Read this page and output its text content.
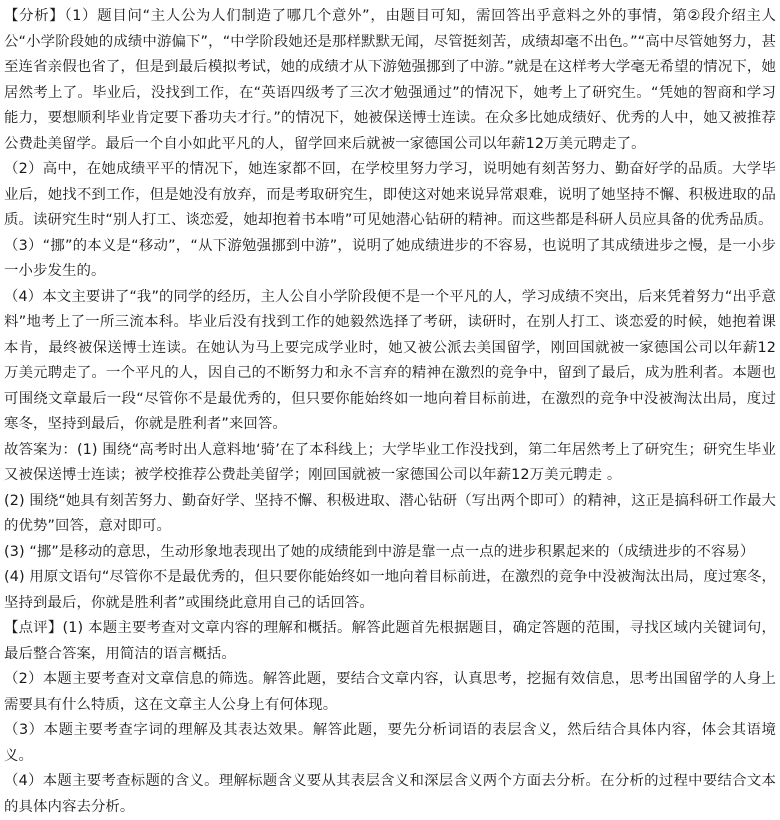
【分析】（1）题目问“主人公为人们制造了哪几个意外”，由题目可知，需回答出乎意料之外的事情，第②段介绍主人公“小学阶段她的成绩中游偏下”，“中学阶段她还是那样默默无闻，尽管挺刻苦，成绩却毫不出色。”“高中尽管她努力，甚至连省亲假也省了，但是到最后模拟考试，她的成绩才从下游勉强挪到了中游。”就是在这样考大学毫无希望的情况下，她居然考上了。毕业后，没找到工作，在“英语四级考了三次才勉强通过”的情况下，她考上了研究生。“凭她的智商和学习能力，要想顺利毕业肯定要下番功夫才行。”的情况下，她被保送博士连读。在众多比她成绩好、优秀的人中，她又被推荐公费赴美留学。最后一个自小如此平凡的人，留学回来后就被一家德国公司以年薪12万美元聘走了。

（2）高中，在她成绩平平的情况下，她连家都不回，在学校里努力学习，说明她有刻苦努力、勤奋好学的品质。大学毕业后，她找不到工作，但是她没有放弃，而是考取研究生，即使这对她来说异常艰难，说明了她坚持不懈、积极进取的品质。读研究生时“别人打工、谈恋爱，她却抱着书本啃”可见她潜心钻研的精神。而这些都是科研人员应具备的优秀品质。

（3）“挪”的本义是“移动”，“从下游勉强挪到中游”，说明了她成绩进步的不容易，也说明了其成绩进步之慢，是一小步一小步发生的。

（4）本文主要讲了“我”的同学的经历，主人公自小学阶段便不是一个平凡的人，学习成绩不突出，后来凭着努力“出乎意料”地考上了一所三流本科。毕业后没有找到工作的她毅然选择了考研，读研时，在别人打工、谈恋爱的时候，她抱着课本肯，最终被保送博士连读。在她认为马上要完成学业时，她又被公派去美国留学，刚回国就被一家德国公司以年薪12万美元聘走了。一个平凡的人，因自己的不断努力和永不言弃的精神在激烈的竞争中，留到了最后，成为胜利者。本题也可围绕文章最后一段“尽管你不是最优秀的，但只要你能始终如一地向着目标前进，在激烈的竞争中没被淘汰出局，度过寒冬，坚持到最后，你就是胜利者”来回答。

故答案为：(1) 围绕“高考时出人意料地‘骑’在了本科线上；大学毕业工作没找到，第二年居然考上了研究生；研究生毕业又被保送博士连读；被学校推荐公费赴美留学；刚回国就被一家德国公司以年薪12万美元聘走 。

(2) 围绕“她具有刻苦努力、勤奋好学、坚持不懈、积极进取、潜心钻研（写出两个即可）的精神，这正是搞科研工作最大的优势”回答，意对即可。

(3) “挪”是移动的意思，生动形象地表现出了她的成绩能到中游是靠一点一点的进步积累起来的（成绩进步的不容易）

(4) 用原文语句“尽管你不是最优秀的，但只要你能始终如一地向着目标前进，在激烈的竞争中没被淘汰出局，度过寒冬，坚持到最后，你就是胜利者”或围绕此意用自己的话回答。

【点评】(1) 本题主要考查对文章内容的理解和概括。解答此题首先根据题目，确定答题的范围，寻找区域内关键词句，最后整合答案，用简洁的语言概括。

（2）本题主要考查对文章信息的筛选。解答此题，要结合文章内容，认真思考，挖掘有效信息，思考出国留学的人身上需要具有什么特质，这在文章主人公身上有何体现。

（3）本题主要考查字词的理解及其表达效果。解答此题，要先分析词语的表层含义，然后结合具体内容，体会其语境义。

（4）本题主要考查标题的含义。理解标题含义要从其表层含义和深层含义两个方面去分析。在分析的过程中要结合文本的具体内容去分析。
